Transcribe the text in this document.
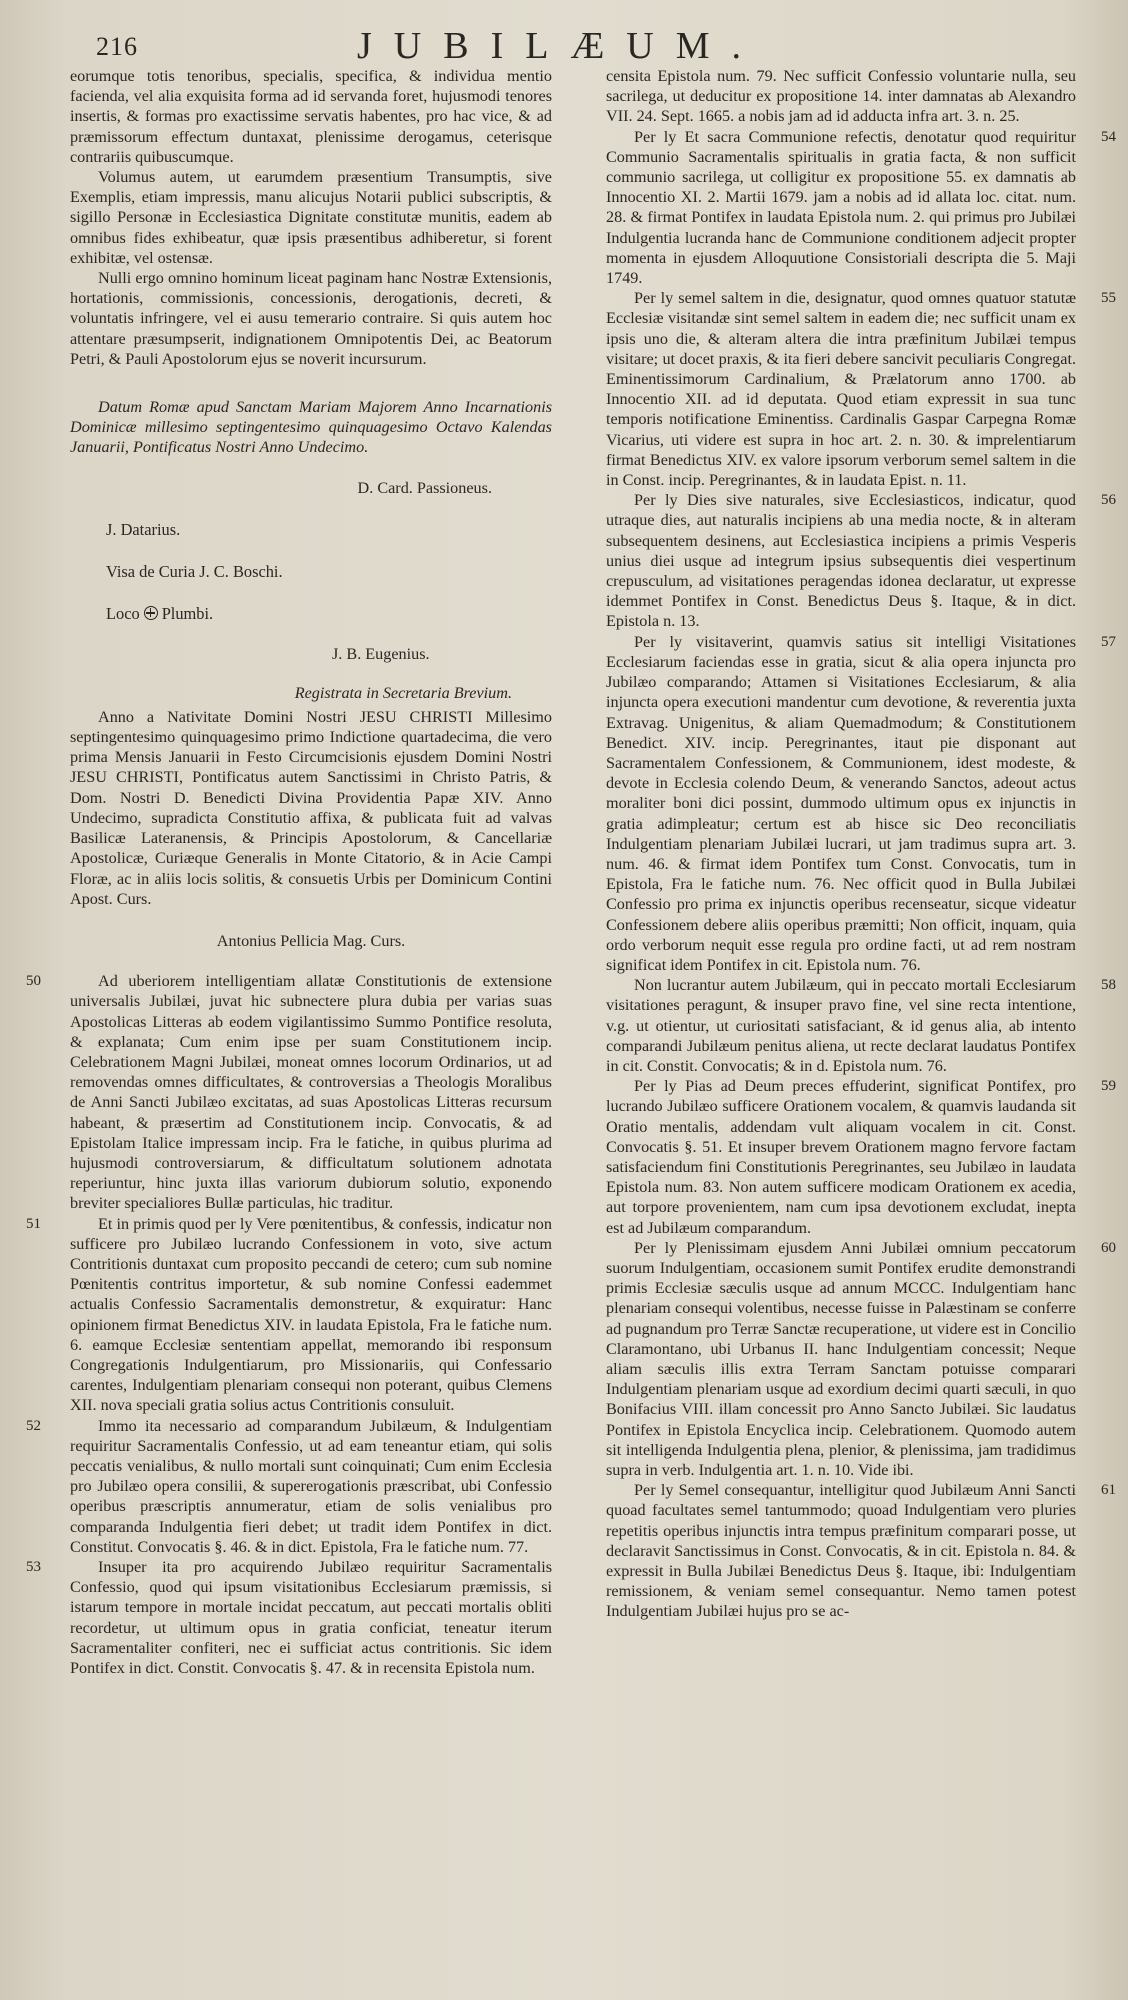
216	JUBILÆUM.

eorumque totis tenoribus, specialis, specifica, & individua mentio facienda, vel alia exquisita forma ad id servanda foret, hujusmodi tenores insertis, & formas pro exactissime servatis habentes, pro hac vice, & ad præmissorum effectum duntaxat, plenissime derogamus, ceterisque contrariis quibuscumque.

Volumus autem, ut earumdem præsentium Transumptis, sive Exemplis, etiam impressis, manu alicujus Notarii publici subscriptis, & sigillo Personæ in Ecclesiastica Dignitate constitutæ munitis, eadem ab omnibus fides exhibeatur, quæ ipsis præsentibus adhiberetur, si forent exhibitæ, vel ostensæ.

Nulli ergo omnino hominum liceat paginam hanc Nostræ Extensionis, hortationis, commissionis, concessionis, derogationis, decreti, & voluntatis infringere, vel ei ausu temerario contraire. Si quis autem hoc attentare præsumpserit, indignationem Omnipotentis Dei, ac Beatorum Petri, & Pauli Apostolorum ejus se noverit incursurum.

Datum Romæ apud Sanctam Mariam Majorem Anno Incarnationis Dominicæ millesimo septingentesimo quinquagesimo Octavo Kalendas Januarii, Pontificatus Nostri Anno Undecimo.

D. Card. Passioneus.

J. Datarius.

Visa de Curia J. C. Boschi.

Loco Plumbi.

J. B. Eugenius.

Registrata in Secretaria Brevium.

Anno a Nativitate Domini Nostri JESU CHRISTI Millesimo septingentesimo quinquagesimo primo Indictione quartadecima, die vero prima Mensis Januarii in Festo Circumcisionis ejusdem Domini Nostri JESU CHRISTI, Pontificatus autem Sanctissimi in Christo Patris, & Dom. Nostri D. Benedicti Divina Providentia Papæ XIV. Anno Undecimo, supradicta Constitutio affixa, & publicata fuit ad valvas Basilicæ Lateranensis, & Principis Apostolorum, & Cancellariæ Apostolicæ, Curiæque Generalis in Monte Citatorio, & in Acie Campi Floræ, ac in aliis locis solitis, & consuetis Urbis per Dominicum Contini Apost. Curs.

Antonius Pellicia Mag. Curs.

50	Ad uberiorem intelligentiam allatæ Constitutionis de extensione universalis Jubilæi, juvat hic subnectere plura dubia per varias suas Apostolicas Litteras ab eodem vigilantissimo Summo Pontifice resoluta, & explanata; Cum enim ipse per suam Constitutionem incip. Celebrationem Magni Jubilæi, moneat omnes locorum Ordinarios, ut ad removendas omnes difficultates, & controversias a Theologis Moralibus de Anni Sancti Jubilæo excitatas, ad suas Apostolicas Litteras recursum habeant, & præsertim ad Constitutionem incip. Convocatis, & ad Epistolam Italice impressam incip. Fra le fatiche, in quibus plurima ad hujusmodi controversiarum, & difficultatum solutionem adnotata reperiuntur, hinc juxta illas variorum dubiorum solutio, exponendo breviter specialiores Bullæ particulas, hic traditur.

51	Et in primis quod per ly Vere pœnitentibus, & confessis, indicatur non sufficere pro Jubilæo lucrando Confessionem in voto, sive actum Contritionis duntaxat cum proposito peccandi de cetero; cum sub nomine Pœnitentis contritus importetur, & sub nomine Confessi eademmet actualis Confessio Sacramentalis demonstretur, & exquiratur: Hanc opinionem firmat Benedictus XIV. in laudata Epistola, Fra le fatiche num. 6. eamque Ecclesiæ sententiam appellat, memorando ibi responsum Congregationis Indulgentiarum, pro Missionariis, qui Confessario carentes, Indulgentiam plenariam consequi non poterant, quibus Clemens XII. nova speciali gratia solius actus Contritionis consuluit.

52	Immo ita necessario ad comparandum Jubilæum, & Indulgentiam requiritur Sacramentalis Confessio, ut ad eam teneantur etiam, qui solis peccatis venialibus, & nullo mortali sunt coinquinati; Cum enim Ecclesia pro Jubilæo opera consilii, & supererogationis præscribat, ubi Confessio operibus præscriptis annumeratur, etiam de solis venialibus pro comparanda Indulgentia fieri debet; ut tradit idem Pontifex in dict. Constitut. Convocatis §. 46. & in dict. Epistola, Fra le fatiche num. 77.

53	Insuper ita pro acquirendo Jubilæo requiritur Sacramentalis Confessio, quod qui ipsum visitationibus Ecclesiarum præmissis, si istarum tempore in mortale incidat peccatum, aut peccati mortalis obliti recordetur, ut ultimum opus in gratia conficiat, teneatur iterum Sacramentaliter confiteri, nec ei sufficiat actus contritionis. Sic idem Pontifex in dict. Constit. Convocatis §. 47. & in recensita Epistola num.

censita Epistola num. 79. Nec sufficit Confessio voluntarie nulla, seu sacrilega, ut deducitur ex propositione 14. inter damnatas ab Alexandro VII. 24. Sept. 1665. a nobis jam ad id adducta infra art. 3. n. 25.

54

Per ly Et sacra Communione refectis, denotatur quod requiritur Communio Sacramentalis spiritualis in gratia facta, & non sufficit communio sacrilega, ut colligitur ex propositione 55. ex damnatis ab Innocentio XI. 2. Martii 1679. jam a nobis ad id allata loc. citat. num. 28. & firmat Pontifex in laudata Epistola num. 2. qui primus pro Jubilæi Indulgentia lucranda hanc de Communione conditionem adjecit propter momenta in ejusdem Alloquutione Consistoriali descripta die 5. Maji 1749.

55

Per ly semel saltem in die, designatur, quod omnes quatuor statutæ Ecclesiæ visitandæ sint semel saltem in eadem die; nec sufficit unam ex ipsis uno die, & alteram altera die intra præfinitum Jubilæi tempus visitare; ut docet praxis, & ita fieri debere sancivit peculiaris Congregat. Eminentissimorum Cardinalium, & Prælatorum anno 1700. ab Innocentio XII. ad id deputata. Quod etiam expressit in sua tunc temporis notificatione Eminentiss. Cardinalis Gaspar Carpegna Romæ Vicarius, uti videre est supra in hoc art. 2. n. 30. & imprelentiarum firmat Benedictus XIV. ex valore ipsorum verborum semel saltem in die in Const. incip. Peregrinantes, & in laudata Epist. n. 11.

56

Per ly Dies sive naturales, sive Ecclesiasticos, indicatur, quod utraque dies, aut naturalis incipiens ab una media nocte, & in alteram subsequentem desinens, aut Ecclesiastica incipiens a primis Vesperis unius diei usque ad integrum ipsius subsequentis diei vespertinum crepusculum, ad visitationes peragendas idonea declaratur, ut expresse idemmet Pontifex in Const. Benedictus Deus §. Itaque, & in dict. Epistola n. 13.

57

Per ly visitaverint, quamvis satius sit intelligi Visitationes Ecclesiarum faciendas esse in gratia, sicut & alia opera injuncta pro Jubilæo comparando; Attamen si Visitationes Ecclesiarum, & alia injuncta opera executioni mandentur cum devotione, & reverentia juxta Extravag. Unigenitus, & aliam Quemadmodum; & Constitutionem Benedict. XIV. incip. Peregrinantes, itaut pie disponant aut Sacramentalem Confessionem, & Communionem, idest modeste, & devote in Ecclesia colendo Deum, & venerando Sanctos, adeout actus moraliter boni dici possint, dummodo ultimum opus ex injunctis in gratia adimpleatur; certum est ab hisce sic Deo reconciliatis Indulgentiam plenariam Jubilæi lucrari, ut jam tradimus supra art. 3. num. 46. & firmat idem Pontifex tum Const. Convocatis, tum in Epistola, Fra le fatiche num. 76. Nec officit quod in Bulla Jubilæi Confessio pro prima ex injunctis operibus recenseatur, sicque videatur Confessionem debere aliis operibus præmitti; Non officit, inquam, quia ordo verborum nequit esse regula pro ordine facti, ut ad rem nostram significat idem Pontifex in cit. Epistola num. 76.

58

Non lucrantur autem Jubilæum, qui in peccato mortali Ecclesiarum visitationes peragunt, & insuper pravo fine, vel sine recta intentione, v.g. ut otientur, ut curiositati satisfaciant, & id genus alia, ab intento comparandi Jubilæum penitus aliena, ut recte declarat laudatus Pontifex in cit. Constit. Convocatis; & in d. Epistola num. 76.

59

Per ly Pias ad Deum preces effuderint, significat Pontifex, pro lucrando Jubilæo sufficere Orationem vocalem, & quamvis laudanda sit Oratio mentalis, addendam vult aliquam vocalem in cit. Const. Convocatis §. 51. Et insuper brevem Orationem magno fervore factam satisfaciendum fini Constitutionis Peregrinantes, seu Jubilæo in laudata Epistola num. 83. Non autem sufficere modicam Orationem ex acedia, aut torpore provenientem, nam cum ipsa devotionem excludat, inepta est ad Jubilæum comparandum.

60

Per ly Plenissimam ejusdem Anni Jubilæi omnium peccatorum suorum Indulgentiam, occasionem sumit Pontifex erudite demonstrandi primis Ecclesiæ sæculis usque ad annum MCCC. Indulgentiam hanc plenariam consequi volentibus, necesse fuisse in Palæstinam se conferre ad pugnandum pro Terræ Sanctæ recuperatione, ut videre est in Concilio Claramontano, ubi Urbanus II. hanc Indulgentiam concessit; Neque aliam sæculis illis extra Terram Sanctam potuisse comparari Indulgentiam plenariam usque ad exordium decimi quarti sæculi, in quo Bonifacius VIII. illam concessit pro Anno Sancto Jubilæi. Sic laudatus Pontifex in Epistola Encyclica incip. Celebrationem. Quomodo autem sit intelligenda Indulgentia plena, plenior, & plenissima, jam tradidimus supra in verb. Indulgentia art. 1. n. 10. Vide ibi.

61

Per ly Semel consequantur, intelligitur quod Jubilæum Anni Sancti quoad facultates semel tantummodo; quoad Indulgentiam vero pluries repetitis operibus injunctis intra tempus præfinitum comparari posse, ut declaravit Sanctissimus in Const. Convocatis, & in cit. Epistola n. 84. & expressit in Bulla Jubilæi Benedictus Deus §. Itaque, ibi: Indulgentiam remissionem, & veniam semel consequantur. Nemo tamen potest Indulgentiam Jubilæi hujus pro se ac-
